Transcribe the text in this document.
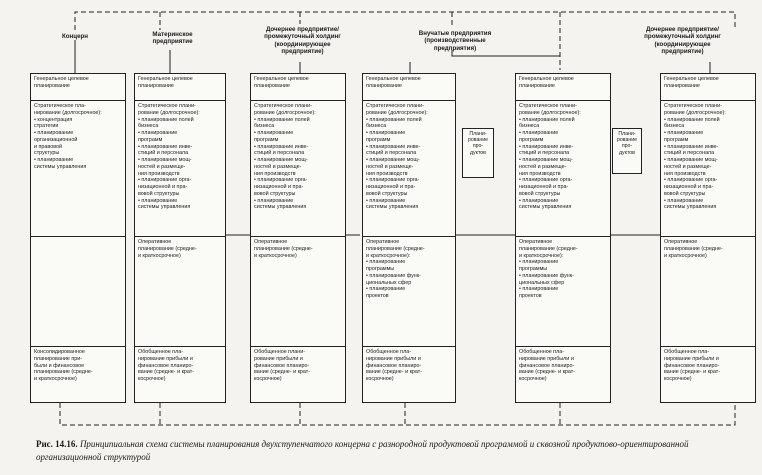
Концерн	Материнское
предприятие
Дочернее предприятие/
промежуточный холдинг
(координирующее
предприятие)
Внучатые предприятия
(производственные
предприятия)
Дочернее предприятие/
промежуточный холдинг
(координирующее
предприятие)
Генеральное целевое
планирование
Стратегическое пла-
нирование (долгосрочное):
• концентрация
стратегии
• планирование
организационной
и правовой
структуры
• планирование
системы управления
Консолидированное
планирование при-
были и финансовое
планирование (средне-
и краткосрочное)
Генеральное целевое
планирование
Стратегическое плани-
рование (долгосрочное):
• планирование полей
бизнеса
• планирование
программ
• планирование инве-
стиций и персонала
• планирование мощ-
ностей и размеще-
ния производств
• планирование орга-
низационной и пра-
вовой структуры
• планирование
системы управления
Оперативное
планирование (средне-
и краткосрочное)
Обобщенное пла-
нирование прибыли и
финансовое планиро-
вание (средне- и крат-
косрочное)
Генеральное целевое
планирование
Стратегическое плани-
рование (долгосрочное):
• планирование полей
бизнеса
• планирование
программ
• планирование инве-
стиций и персонала
• планирование мощ-
ностей и размеще-
ния производств
• планирование орга-
низационной и пра-
вовой структуры
• планирование
системы управления
Оперативное
планирование (средне-
и краткосрочное)
Обобщенное плани-
рование прибыли и
финансовое планиро-
вание (средне- и крат-
косрочное)
Генеральное целевое
планирование
Стратегическое плани-
рование (долгосрочное):
• планирование полей
бизнеса
• планирование
программ
• планирование инве-
стиций и персонала
• планирование мощ-
ностей и размеще-
ния производств
• планирование орга-
низационной и пра-
вовой структуры
• планирование
системы управления
Оперативное
планирование (средне-
и краткосрочное):
• планирование
программы
• планирование функ-
циональных сфер
• планирование
проектов
Обобщенное пла-
нирование прибыли и
финансовое планиро-
вание (средне- и крат-
косрочное)
Плани-
рование
про-
дуктов
Генеральное целевое
планирование
Стратегическое плани-
рование (долгосрочное):
• планирование полей
бизнеса
• планирование
программ
• планирование инве-
стиций и персонала
• планирование мощ-
ностей и размеще-
ния производств
• планирование орга-
низационной и пра-
вовой структуры
• планирование
системы управления
Оперативное
планирование (средне-
и краткосрочное):
• планирование
программы
• планирование функ-
циональных сфер
• планирование
проектов
Обобщенное пла-
нирование прибыли и
финансовое планиро-
вание (средне- и крат-
косрочное)
Плани-
рование
про-
дуктов
Генеральное целевое
планирование
Стратегическое плани-
рование (долгосрочное):
• планирование полей
бизнеса
• планирование
программ
• планирование инве-
стиций и персонала
• планирование мощ-
ностей и размеще-
ния производств
• планирование орга-
низационной и пра-
вовой структуры
• планирование
системы управления
Оперативное
планирование (средне-
и краткосрочное)
Обобщенное пла-
нирование прибыли и
финансовое планиро-
вание (средне- и крат-
косрочное)
Рис. 14.16. Принципиальная схема системы планирования двухступенчатого концерна с разнородной продуктовой программой и сквозной продуктово-ориентированной организационной структурой
